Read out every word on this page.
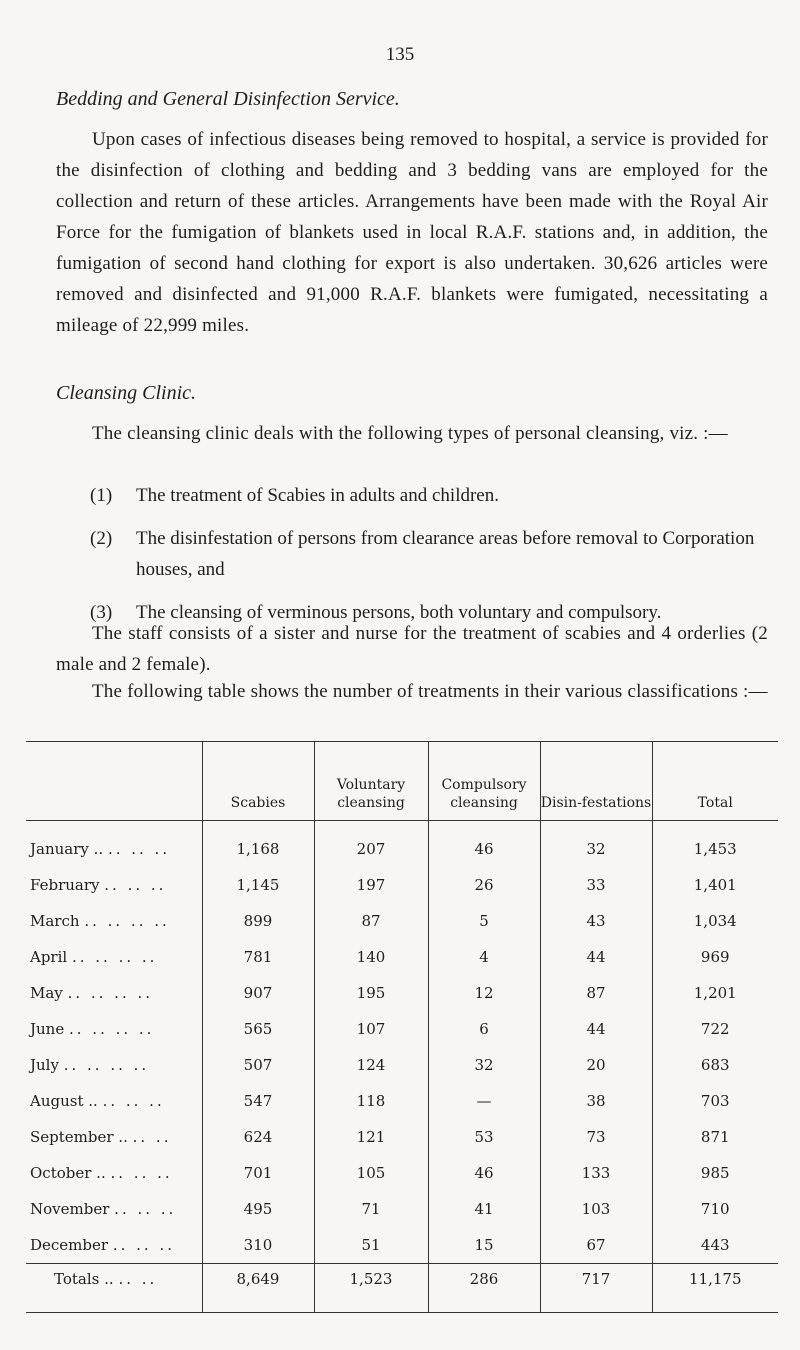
135
Bedding and General Disinfection Service.
Upon cases of infectious diseases being removed to hospital, a service is provided for the disinfection of clothing and bedding and 3 bedding vans are employed for the collection and return of these articles. Arrangements have been made with the Royal Air Force for the fumigation of blankets used in local R.A.F. stations and, in addition, the fumigation of second hand clothing for export is also undertaken. 30,626 articles were removed and disinfected and 91,000 R.A.F. blankets were fumigated, necessitating a mileage of 22,999 miles.
Cleansing Clinic.
The cleansing clinic deals with the following types of personal cleansing, viz. :—
(1)	The treatment of Scabies in adults and children.
(2)	The disinfestation of persons from clearance areas before removal to Corporation houses, and
(3)	The cleansing of verminous persons, both voluntary and compulsory.
The staff consists of a sister and nurse for the treatment of scabies and 4 orderlies (2 male and 2 female).
The following table shows the number of treatments in their various classifications :—
	Scabies	Voluntary cleansing	Compulsory cleansing	Disin-festations	Total
January .. .. .. ..	1,168	207	46	32	1,453
February .. .. ..	1,145	197	26	33	1,401
March .. .. .. ..	899	87	5	43	1,034
April .. .. .. ..	781	140	4	44	969
May .. .. .. ..	907	195	12	87	1,201
June .. .. .. ..	565	107	6	44	722
July .. .. .. ..	507	124	32	20	683
August .. .. .. ..	547	118	—	38	703
September .. .. ..	624	121	53	73	871
October .. .. .. ..	701	105	46	133	985
November .. .. ..	495	71	41	103	710
December .. .. ..	310	51	15	67	443
Totals .. .. ..	8,649	1,523	286	717	11,175
